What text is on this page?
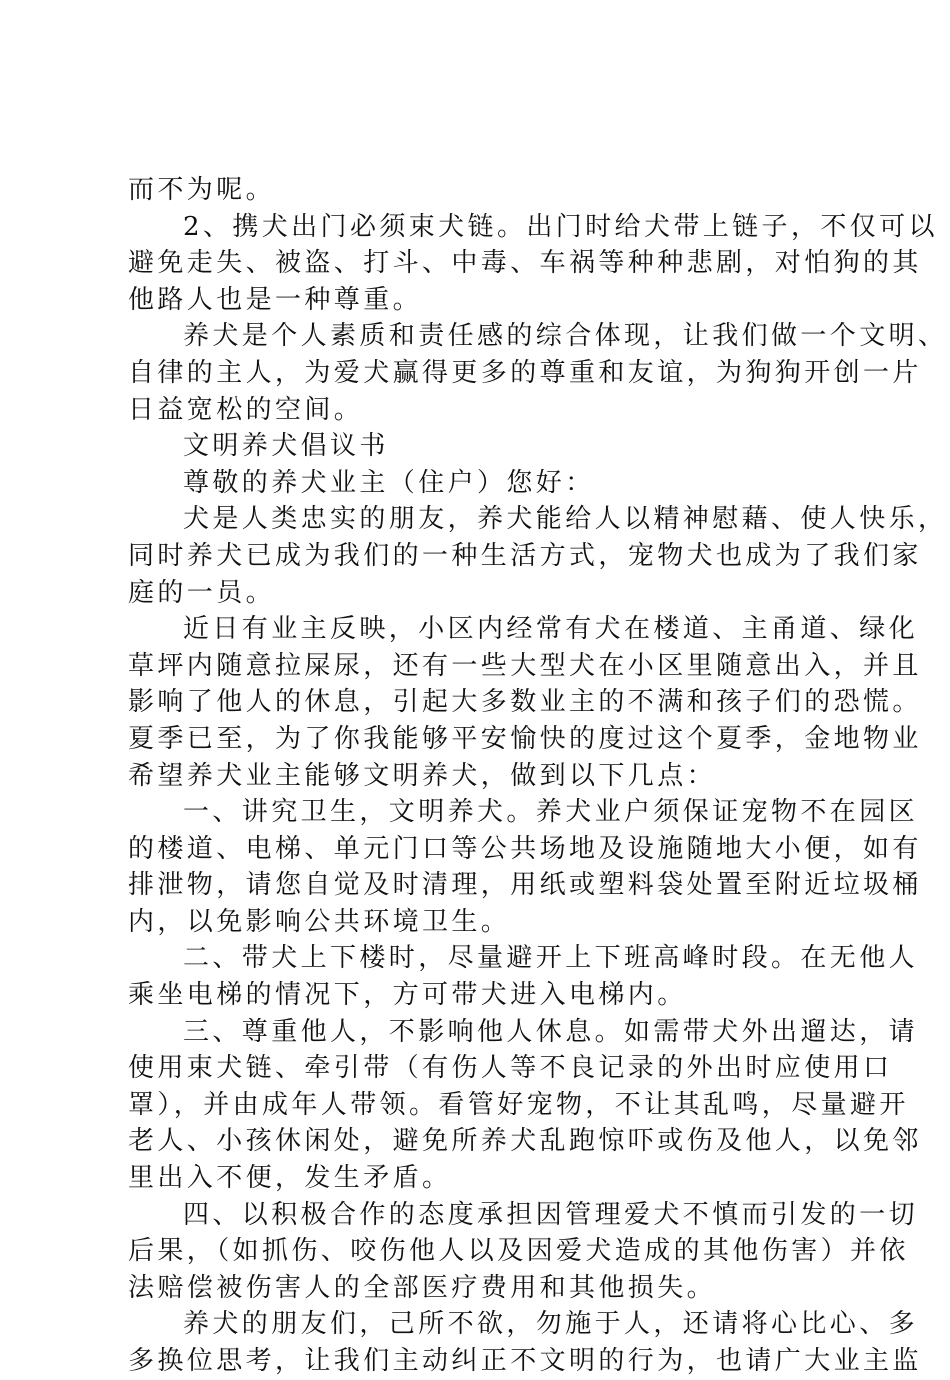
而不为呢。
2、携犬出门必须束犬链。出门时给犬带上链子，不仅可以
避免走失、被盗、打斗、中毒、车祸等种种悲剧，对怕狗的其
他路人也是一种尊重。
养犬是个人素质和责任感的综合体现，让我们做一个文明、
自律的主人，为爱犬赢得更多的尊重和友谊，为狗狗开创一片
日益宽松的空间。
文明养犬倡议书
尊敬的养犬业主（住户）您好：
犬是人类忠实的朋友，养犬能给人以精神慰藉、使人快乐，
同时养犬已成为我们的一种生活方式，宠物犬也成为了我们家
庭的一员。
近日有业主反映，小区内经常有犬在楼道、主甬道、绿化
草坪内随意拉屎尿，还有一些大型犬在小区里随意出入，并且
影响了他人的休息，引起大多数业主的不满和孩子们的恐慌。
夏季已至，为了你我能够平安愉快的度过这个夏季，金地物业
希望养犬业主能够文明养犬，做到以下几点：
一、讲究卫生，文明养犬。养犬业户须保证宠物不在园区
的楼道、电梯、单元门口等公共场地及设施随地大小便，如有
排泄物，请您自觉及时清理，用纸或塑料袋处置至附近垃圾桶
内，以免影响公共环境卫生。
二、带犬上下楼时，尽量避开上下班高峰时段。在无他人
乘坐电梯的情况下，方可带犬进入电梯内。
三、尊重他人，不影响他人休息。如需带犬外出遛达，请
使用束犬链、牵引带（有伤人等不良记录的外出时应使用口
罩），并由成年人带领。看管好宠物，不让其乱鸣，尽量避开
老人、小孩休闲处，避免所养犬乱跑惊吓或伤及他人，以免邻
里出入不便，发生矛盾。
四、以积极合作的态度承担因管理爱犬不慎而引发的一切
后果，（如抓伤、咬伤他人以及因爱犬造成的其他伤害）并依
法赔偿被伤害人的全部医疗费用和其他损失。
养犬的朋友们，己所不欲，勿施于人，还请将心比心、多
多换位思考，让我们主动纠正不文明的行为，也请广大业主监
